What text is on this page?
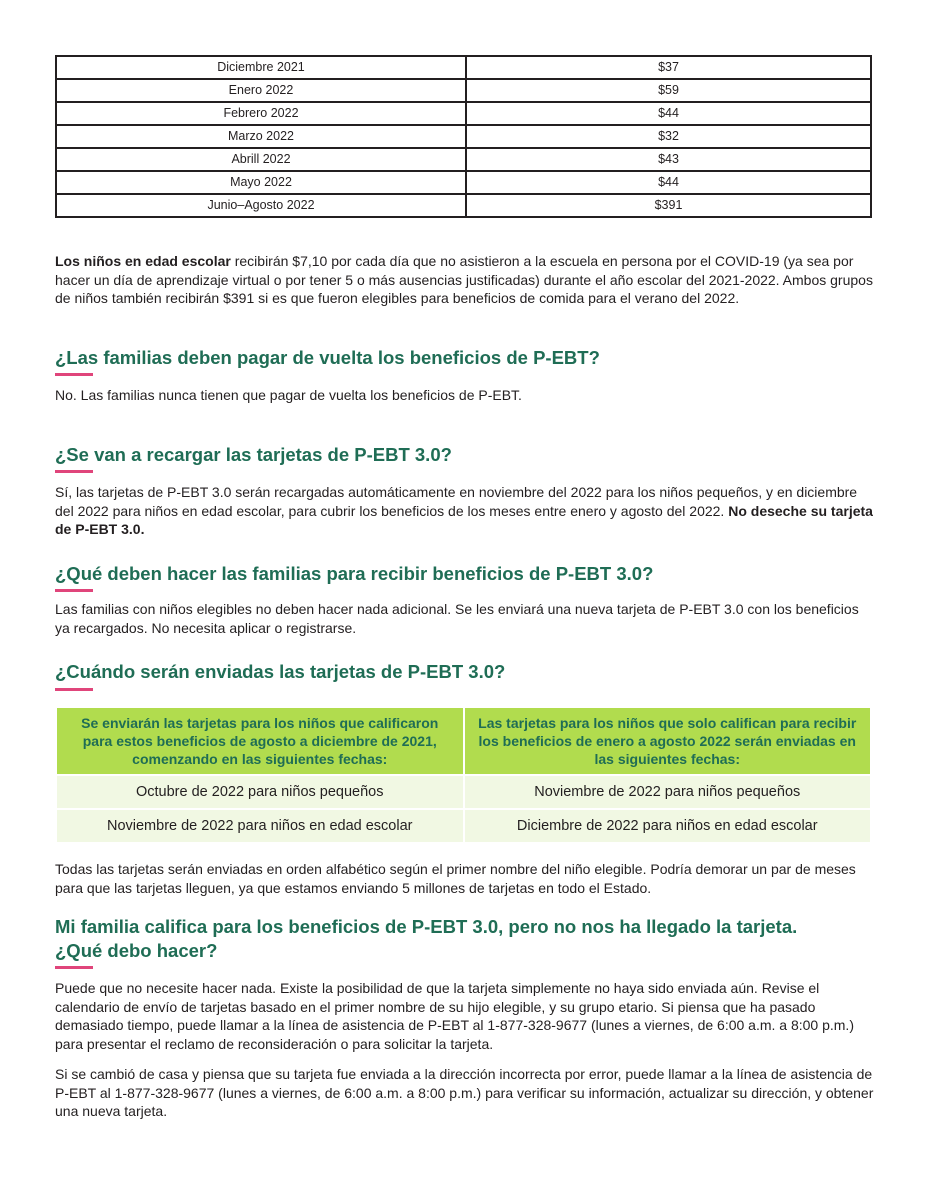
Diciembre 2021	$37
Enero 2022	$59
Febrero 2022	$44
Marzo 2022	$32
Abrill 2022	$43
Mayo 2022	$44
Junio–Agosto 2022	$391

Los niños en edad escolar recibirán $7,10 por cada día que no asistieron a la escuela en persona por el COVID-19 (ya sea por hacer un día de aprendizaje virtual o por tener 5 o más ausencias justificadas) durante el año escolar del 2021-2022. Ambos grupos de niños también recibirán $391 si es que fueron elegibles para beneficios de comida para el verano del 2022.

¿Las familias deben pagar de vuelta los beneficios de P-EBT?

No. Las familias nunca tienen que pagar de vuelta los beneficios de P-EBT.

¿Se van a recargar las tarjetas de P-EBT 3.0?

Sí, las tarjetas de P-EBT 3.0 serán recargadas automáticamente en noviembre del 2022 para los niños pequeños, y en diciembre del 2022 para niños en edad escolar, para cubrir los beneficios de los meses entre enero y agosto del 2022. No deseche su tarjeta de P-EBT 3.0.

¿Qué deben hacer las familias para recibir beneficios de P-EBT 3.0?

Las familias con niños elegibles no deben hacer nada adicional. Se les enviará una nueva tarjeta de P-EBT 3.0 con los beneficios ya recargados. No necesita aplicar o registrarse.

¿Cuándo serán enviadas las tarjetas de P-EBT 3.0?
Se enviarán las tarjetas para los niños que calificaron para estos beneficios de agosto a diciembre de 2021, comenzando en las siguientes fechas:	Las tarjetas para los niños que solo califican para recibir los beneficios de enero a agosto 2022 serán enviadas en las siguientes fechas:
Octubre de 2022 para niños pequeños	Noviembre de 2022 para niños pequeños
Noviembre de 2022 para niños en edad escolar	Diciembre de 2022 para niños en edad escolar

Todas las tarjetas serán enviadas en orden alfabético según el primer nombre del niño elegible. Podría demorar un par de meses para que las tarjetas lleguen, ya que estamos enviando 5 millones de tarjetas en todo el Estado.

Mi familia califica para los beneficios de P-EBT 3.0, pero no nos ha llegado la tarjeta.
¿Qué debo hacer?

Puede que no necesite hacer nada. Existe la posibilidad de que la tarjeta simplemente no haya sido enviada aún. Revise el calendario de envío de tarjetas basado en el primer nombre de su hijo elegible, y su grupo etario. Si piensa que ha pasado demasiado tiempo, puede llamar a la línea de asistencia de P-EBT al 1-877-328-9677 (lunes a viernes, de 6:00 a.m. a 8:00 p.m.) para presentar el reclamo de reconsideración o para solicitar la tarjeta.

Si se cambió de casa y piensa que su tarjeta fue enviada a la dirección incorrecta por error, puede llamar a la línea de asistencia de P-EBT al 1-877-328-9677 (lunes a viernes, de 6:00 a.m. a 8:00 p.m.) para verificar su información, actualizar su dirección, y obtener una nueva tarjeta.
